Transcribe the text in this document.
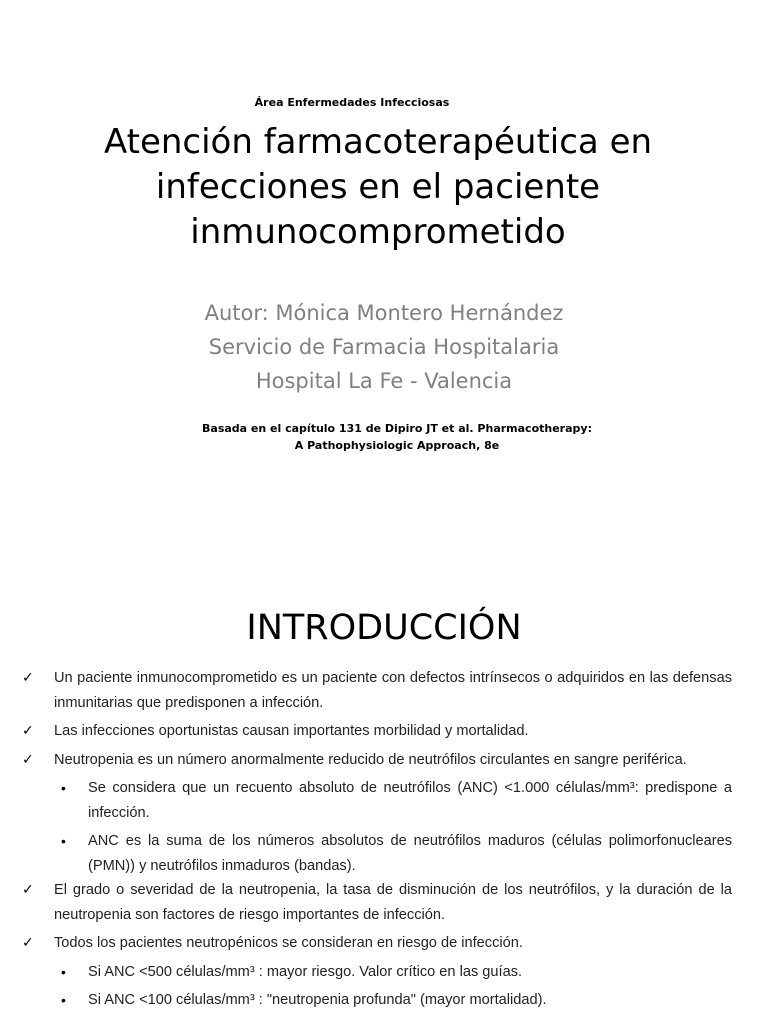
Área Enfermedades Infecciosas
Atención farmacoterapéutica en infecciones en el paciente inmunocomprometido
Autor: Mónica Montero Hernández
Servicio de Farmacia Hospitalaria
Hospital La Fe - Valencia
Basada en el capítulo 131 de Dipiro JT et al. Pharmacotherapy:
A Pathophysiologic Approach, 8e
INTRODUCCIÓN
✓ Un paciente inmunocomprometido es un paciente con defectos intrínsecos o adquiridos en las defensas inmunitarias que predisponen a infección.
✓ Las infecciones oportunistas causan importantes morbilidad y mortalidad.
✓ Neutropenia es un número anormalmente reducido de neutrófilos circulantes en sangre periférica.
• Se considera que un recuento absoluto de neutrófilos (ANC) <1.000 células/mm³: predispone a infección.
• ANC es la suma de los números absolutos de neutrófilos maduros (células polimorfonucleares (PMN)) y neutrófilos inmaduros (bandas).
✓ El grado o severidad de la neutropenia, la tasa de disminución de los neutrófilos, y la duración de la neutropenia son factores de riesgo importantes de infección.
✓ Todos los pacientes neutropénicos se consideran en riesgo de infección.
• Si ANC <500 células/mm³ : mayor riesgo. Valor crítico en las guías.
• Si ANC <100 células/mm³ : "neutropenia profunda" (mayor mortalidad).
